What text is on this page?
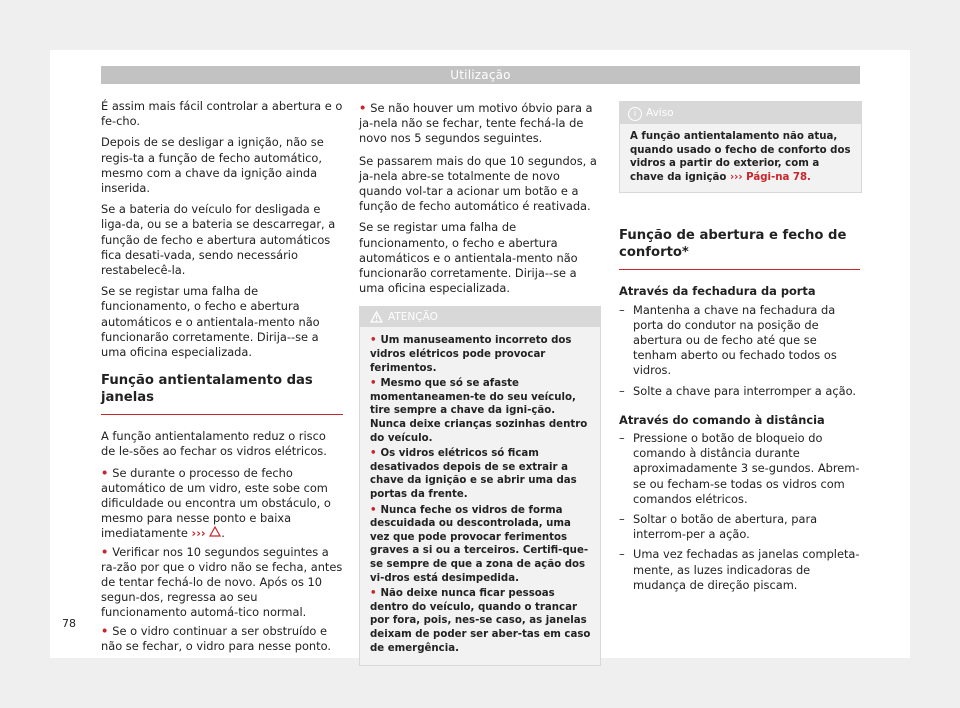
Utilização

É assim mais fácil controlar a abertura e o fe-cho.

Depois de se desligar a ignição, não se regis-ta a função de fecho automático, mesmo com a chave da ignição ainda inserida.

Se a bateria do veículo for desligada e liga-da, ou se a bateria se descarregar, a função de fecho e abertura automáticos fica desati-vada, sendo necessário restabelecê-la.

Se se registar uma falha de funcionamento, o fecho e abertura automáticos e o antientala-mento não funcionarão corretamente. Dirija--se a uma oficina especializada.

Função antientalamento das janelas

A função antientalamento reduz o risco de le-sões ao fechar os vidros elétricos.

• Se durante o processo de fecho automático de um vidro, este sobe com dificuldade ou encontra um obstáculo, o mesmo para nesse ponto e baixa imediatamente ››› .
• Verificar nos 10 segundos seguintes a ra-zão por que o vidro não se fecha, antes de tentar fechá-lo de novo. Após os 10 segun-dos, regressa ao seu funcionamento automá-tico normal.
• Se o vidro continuar a ser obstruído e não se fechar, o vidro para nesse ponto.
• Se não houver um motivo óbvio para a ja-nela não se fechar, tente fechá-la de novo nos 5 segundos seguintes.

Se passarem mais do que 10 segundos, a ja-nela abre-se totalmente de novo quando vol-tar a acionar um botão e a função de fecho automático é reativada.

Se se registar uma falha de funcionamento, o fecho e abertura automáticos e o antientala-mento não funcionarão corretamente. Dirija--se a uma oficina especializada.

ATENÇÃO
• Um manuseamento incorreto dos vidros elétricos pode provocar ferimentos.
• Mesmo que só se afaste momentaneamen-te do seu veículo, tire sempre a chave da igni-ção. Nunca deixe crianças sozinhas dentro do veículo.
• Os vidros elétricos só ficam desativados depois de se extrair a chave da ignição e se abrir uma das portas da frente.
• Nunca feche os vidros de forma descuidada ou descontrolada, uma vez que pode provocar ferimentos graves a si ou a terceiros. Certifi-que-se sempre de que a zona de ação dos vi-dros está desimpedida.
• Não deixe nunca ficar pessoas dentro do veículo, quando o trancar por fora, pois, nes-se caso, as janelas deixam de poder ser aber-tas em caso de emergência.
i Aviso
A função antientalamento não atua, quando usado o fecho de conforto dos vidros a partir do exterior, com a chave da ignição ››› Pági-na 78.
Função de abertura e fecho de conforto*
Através da fechadura da porta
– Mantenha a chave na fechadura da porta do condutor na posição de abertura ou de fecho até que se tenham aberto ou fechado todos os vidros.
– Solte a chave para interromper a ação.
Através do comando à distância
– Pressione o botão de bloqueio do comando à distância durante aproximadamente 3 se-gundos. Abrem-se ou fecham-se todas os vidros com comandos elétricos.
– Soltar o botão de abertura, para interrom-per a ação.
– Uma vez fechadas as janelas completa-mente, as luzes indicadoras de mudança de direção piscam.
78
